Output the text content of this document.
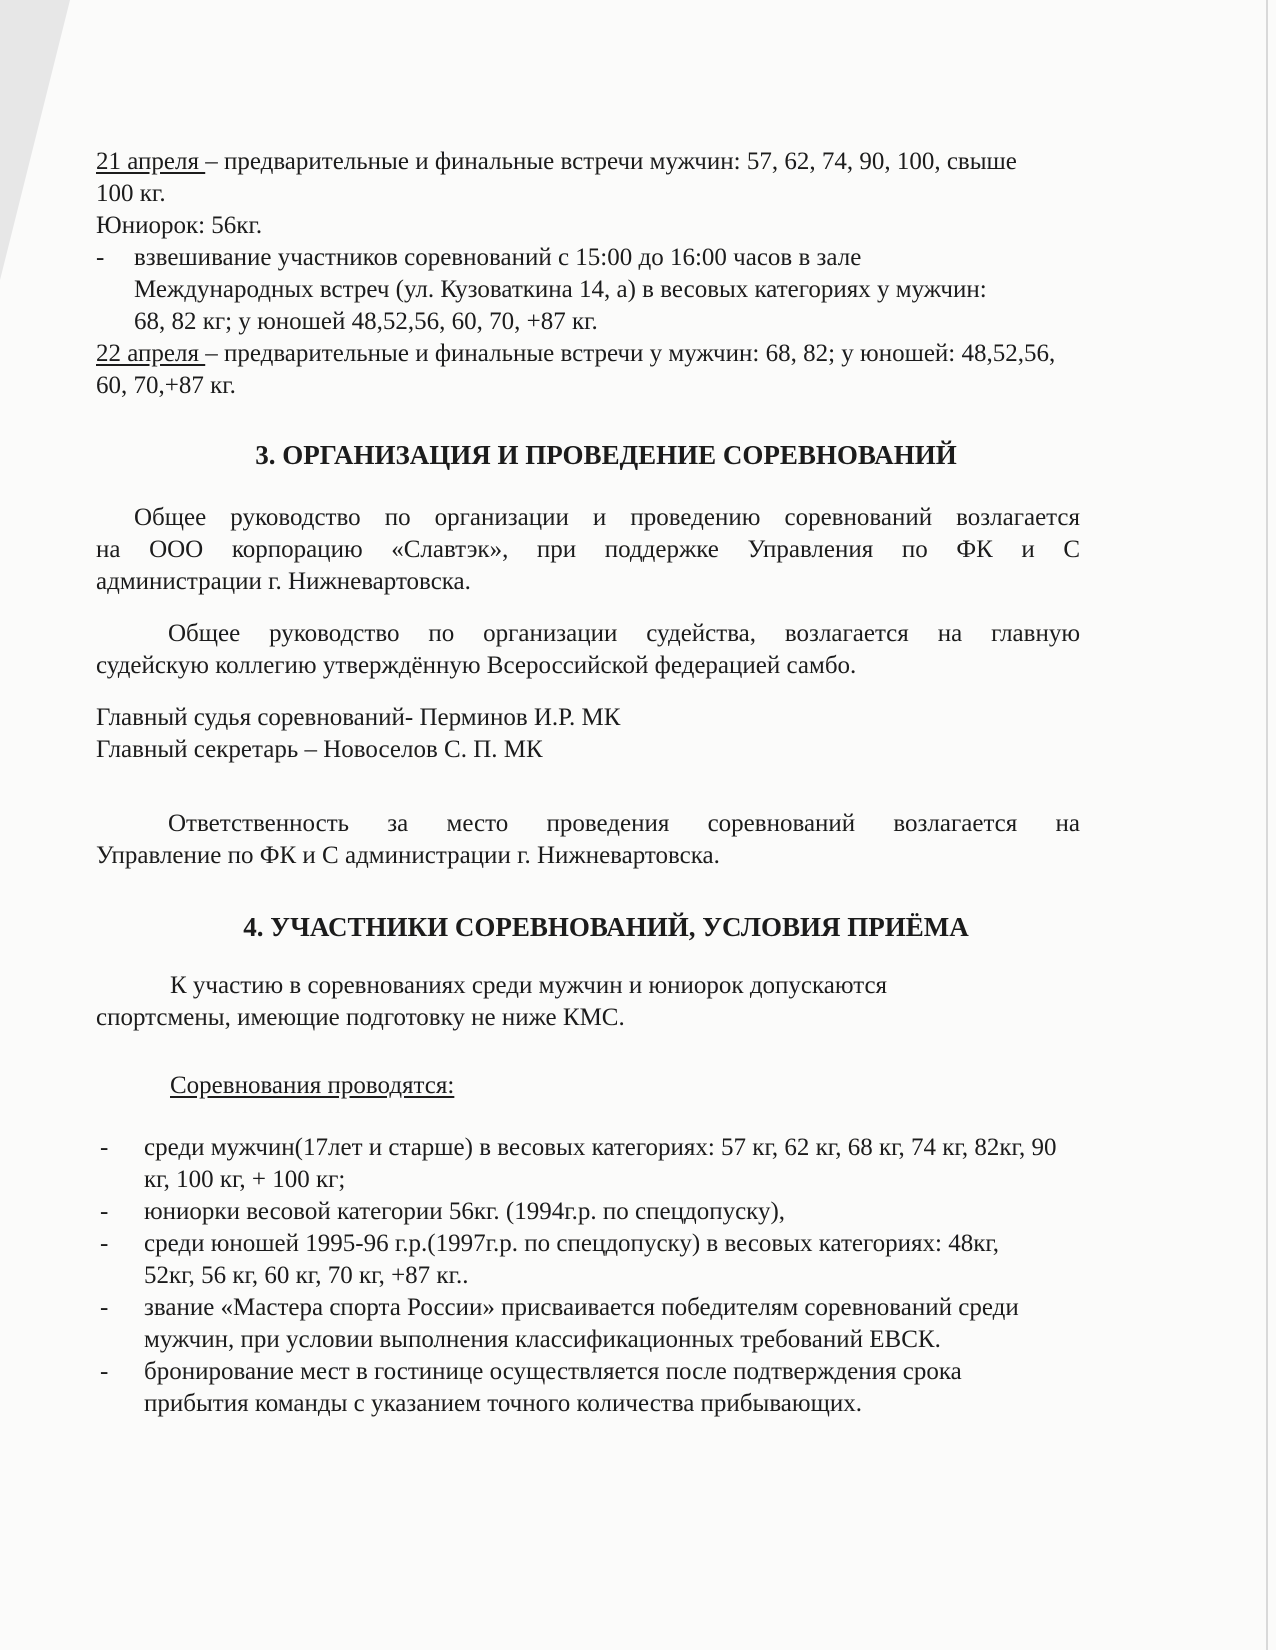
21 апреля – предварительные и финальные встречи мужчин: 57, 62, 74, 90, 100, свыше 100 кг.

Юниорок: 56кг.

-	взвешивание участников соревнований с 15:00 до 16:00 часов в зале Международных встреч (ул. Кузоваткина 14, а) в весовых категориях у мужчин: 68, 82 кг; у юношей 48,52,56, 60, 70, +87 кг.

22 апреля – предварительные и финальные встречи у мужчин: 68, 82; у юношей: 48,52,56, 60, 70,+87 кг.

3. ОРГАНИЗАЦИЯ И ПРОВЕДЕНИЕ СОРЕВНОВАНИЙ

Общее руководство по организации и проведению соревнований возлагается

на ООО корпорацию «Славтэк», при поддержке Управления по ФК и С

администрации г. Нижневартовска.

Общее руководство по организации судейства, возлагается на главную

судейскую коллегию утверждённую Всероссийской федерацией самбо.

Главный судья соревнований- Перминов И.Р. МК

Главный секретарь – Новоселов С. П. МК

Ответственность за место проведения соревнований возлагается на

Управление по ФК и С администрации г. Нижневартовска.

4. УЧАСТНИКИ СОРЕВНОВАНИЙ, УСЛОВИЯ ПРИЁМА

К участию в соревнованиях среди мужчин и юниорок допускаются

спортсмены, имеющие подготовку не ниже КМС.

Соревнования проводятся:

-	среди мужчин(17лет и старше) в весовых категориях: 57 кг, 62 кг, 68 кг, 74 кг, 82кг, 90 кг, 100 кг, + 100 кг;
-	юниорки весовой категории 56кг. (1994г.р. по спецдопуску),
-	среди юношей 1995-96 г.р.(1997г.р. по спецдопуску) в весовых категориях: 48кг, 52кг, 56 кг, 60 кг, 70 кг, +87 кг..
-	звание «Мастера спорта России» присваивается победителям соревнований среди мужчин, при условии выполнения классификационных требований ЕВСК.
-	бронирование мест в гостинице осуществляется после подтверждения срока прибытия команды с указанием точного количества прибывающих.
